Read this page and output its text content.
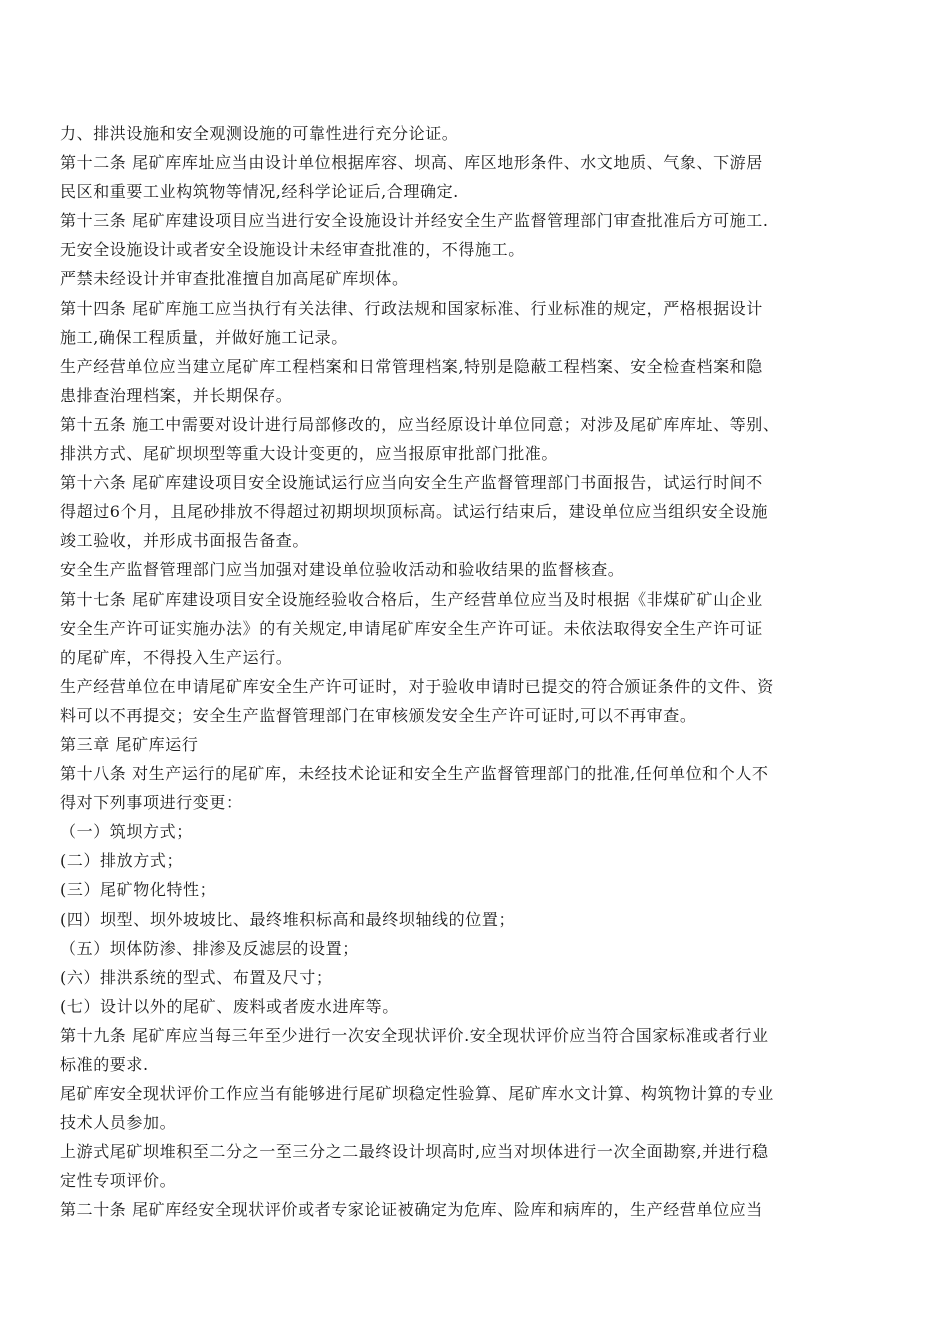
力、排洪设施和安全观测设施的可靠性进行充分论证。
第十二条 尾矿库库址应当由设计单位根据库容、坝高、库区地形条件、水文地质、气象、下游居
民区和重要工业构筑物等情况,经科学论证后,合理确定.
第十三条 尾矿库建设项目应当进行安全设施设计并经安全生产监督管理部门审查批准后方可施工.
无安全设施设计或者安全设施设计未经审查批准的，不得施工。
严禁未经设计并审查批准擅自加高尾矿库坝体。
第十四条 尾矿库施工应当执行有关法律、行政法规和国家标准、行业标准的规定，严格根据设计
施工,确保工程质量，并做好施工记录。
生产经营单位应当建立尾矿库工程档案和日常管理档案,特别是隐蔽工程档案、安全检查档案和隐
患排查治理档案，并长期保存。
第十五条 施工中需要对设计进行局部修改的，应当经原设计单位同意；对涉及尾矿库库址、等别、
排洪方式、尾矿坝坝型等重大设计变更的，应当报原审批部门批准。
第十六条 尾矿库建设项目安全设施试运行应当向安全生产监督管理部门书面报告，试运行时间不
得超过6个月，且尾砂排放不得超过初期坝坝顶标高。试运行结束后，建设单位应当组织安全设施
竣工验收，并形成书面报告备查。
安全生产监督管理部门应当加强对建设单位验收活动和验收结果的监督核查。
第十七条 尾矿库建设项目安全设施经验收合格后，生产经营单位应当及时根据《非煤矿矿山企业
安全生产许可证实施办法》的有关规定,申请尾矿库安全生产许可证。未依法取得安全生产许可证
的尾矿库，不得投入生产运行。
生产经营单位在申请尾矿库安全生产许可证时，对于验收申请时已提交的符合颁证条件的文件、资
料可以不再提交；安全生产监督管理部门在审核颁发安全生产许可证时,可以不再审查。
第三章 尾矿库运行
第十八条 对生产运行的尾矿库，未经技术论证和安全生产监督管理部门的批准,任何单位和个人不
得对下列事项进行变更：
（一）筑坝方式；
(二）排放方式；
(三）尾矿物化特性；
(四）坝型、坝外坡坡比、最终堆积标高和最终坝轴线的位置；
（五）坝体防渗、排渗及反滤层的设置；
(六）排洪系统的型式、布置及尺寸；
(七）设计以外的尾矿、废料或者废水进库等。
第十九条 尾矿库应当每三年至少进行一次安全现状评价.安全现状评价应当符合国家标准或者行业
标准的要求.
尾矿库安全现状评价工作应当有能够进行尾矿坝稳定性验算、尾矿库水文计算、构筑物计算的专业
技术人员参加。
上游式尾矿坝堆积至二分之一至三分之二最终设计坝高时,应当对坝体进行一次全面勘察,并进行稳
定性专项评价。
第二十条 尾矿库经安全现状评价或者专家论证被确定为危库、险库和病库的，生产经营单位应当
